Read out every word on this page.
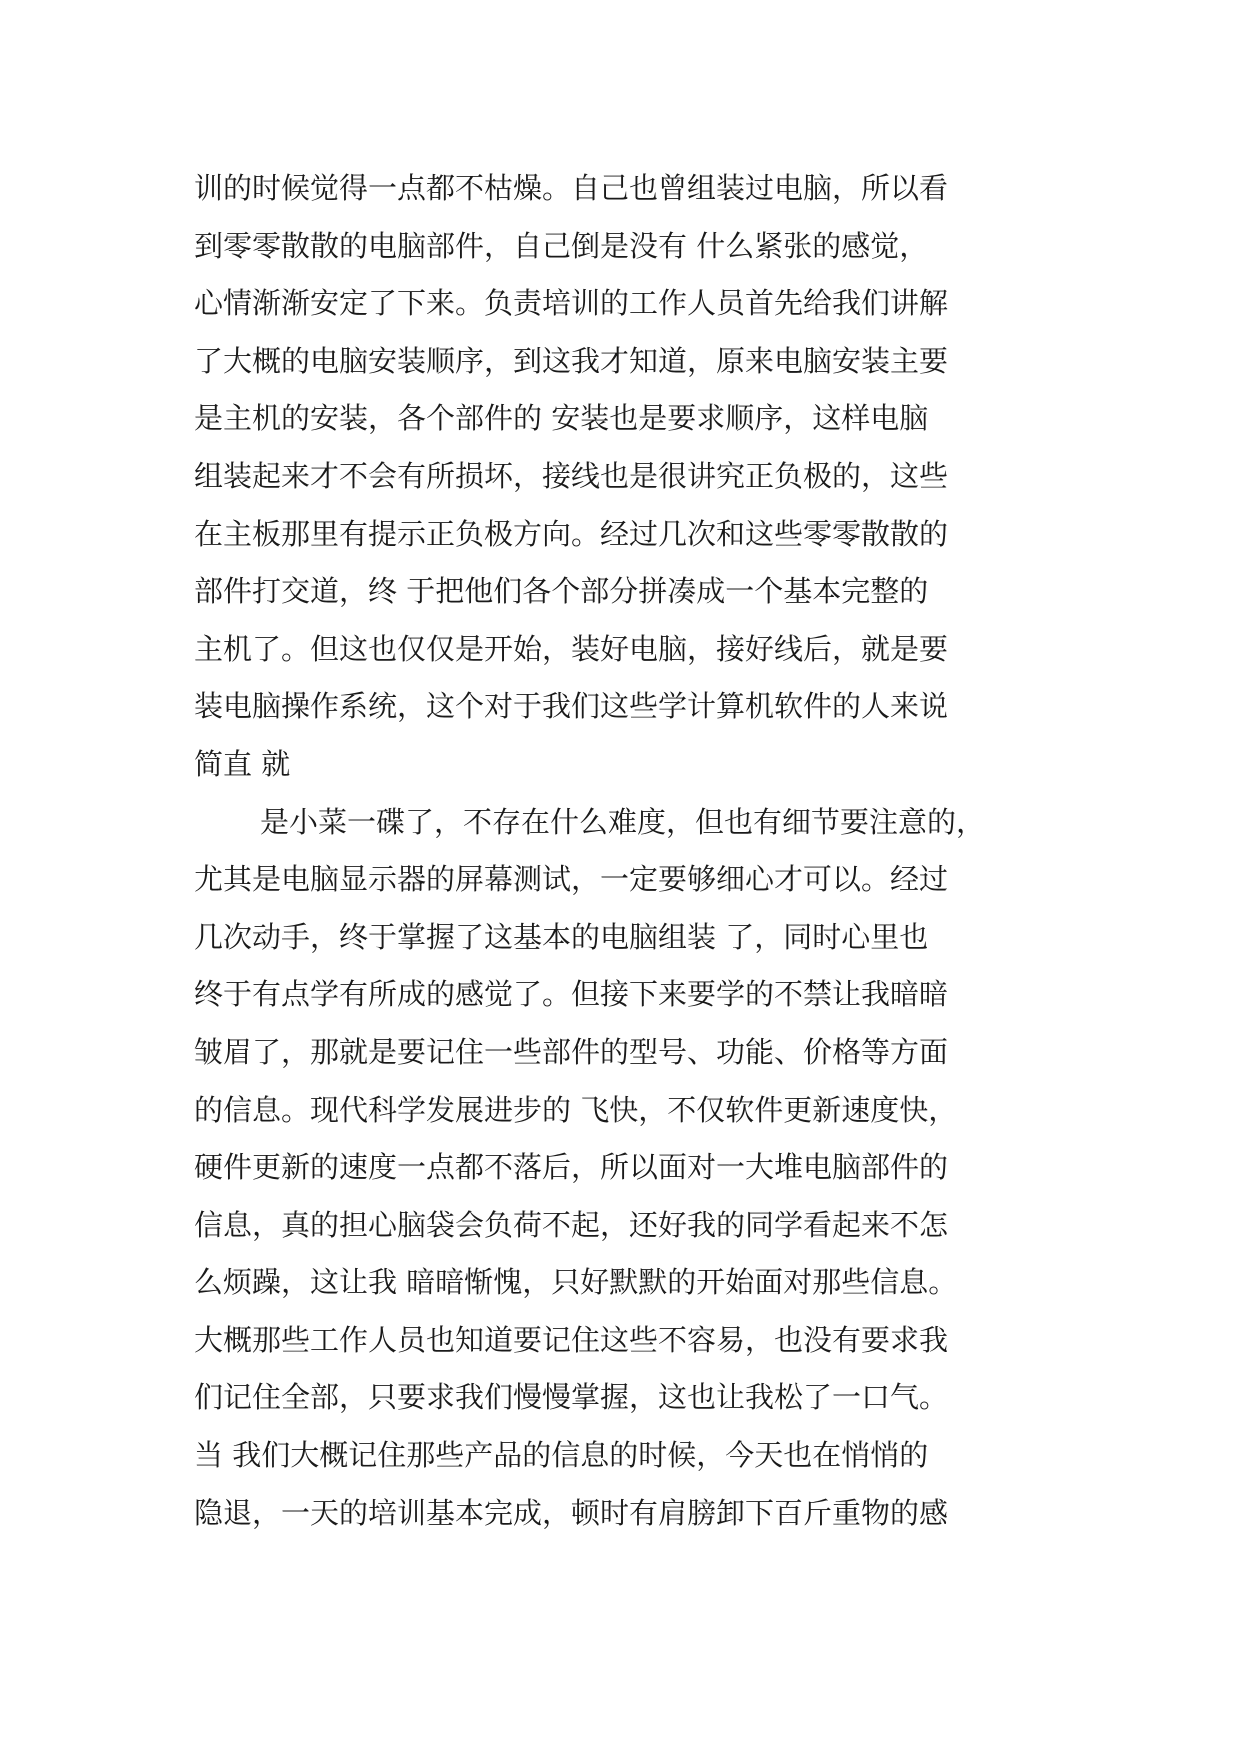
训的时候觉得一点都不枯燥。自己也曾组装过电脑，所以看
到零零散散的电脑部件，自己倒是没有 什么紧张的感觉，
心情渐渐安定了下来。负责培训的工作人员首先给我们讲解
了大概的电脑安装顺序，到这我才知道，原来电脑安装主要
是主机的安装，各个部件的 安装也是要求顺序，这样电脑
组装起来才不会有所损坏，接线也是很讲究正负极的，这些
在主板那里有提示正负极方向。经过几次和这些零零散散的
部件打交道，终 于把他们各个部分拼凑成一个基本完整的
主机了。但这也仅仅是开始，装好电脑，接好线后，就是要
装电脑操作系统，这个对于我们这些学计算机软件的人来说
简直 就
是小菜一碟了，不存在什么难度，但也有细节要注意的，
尤其是电脑显示器的屏幕测试，一定要够细心才可以。经过
几次动手，终于掌握了这基本的电脑组装 了，同时心里也
终于有点学有所成的感觉了。但接下来要学的不禁让我暗暗
皱眉了，那就是要记住一些部件的型号、功能、价格等方面
的信息。现代科学发展进步的 飞快，不仅软件更新速度快，
硬件更新的速度一点都不落后，所以面对一大堆电脑部件的
信息，真的担心脑袋会负荷不起，还好我的同学看起来不怎
么烦躁，这让我 暗暗惭愧，只好默默的开始面对那些信息。
大概那些工作人员也知道要记住这些不容易，也没有要求我
们记住全部，只要求我们慢慢掌握，这也让我松了一口气。
当 我们大概记住那些产品的信息的时候，今天也在悄悄的
隐退，一天的培训基本完成，顿时有肩膀卸下百斤重物的感
